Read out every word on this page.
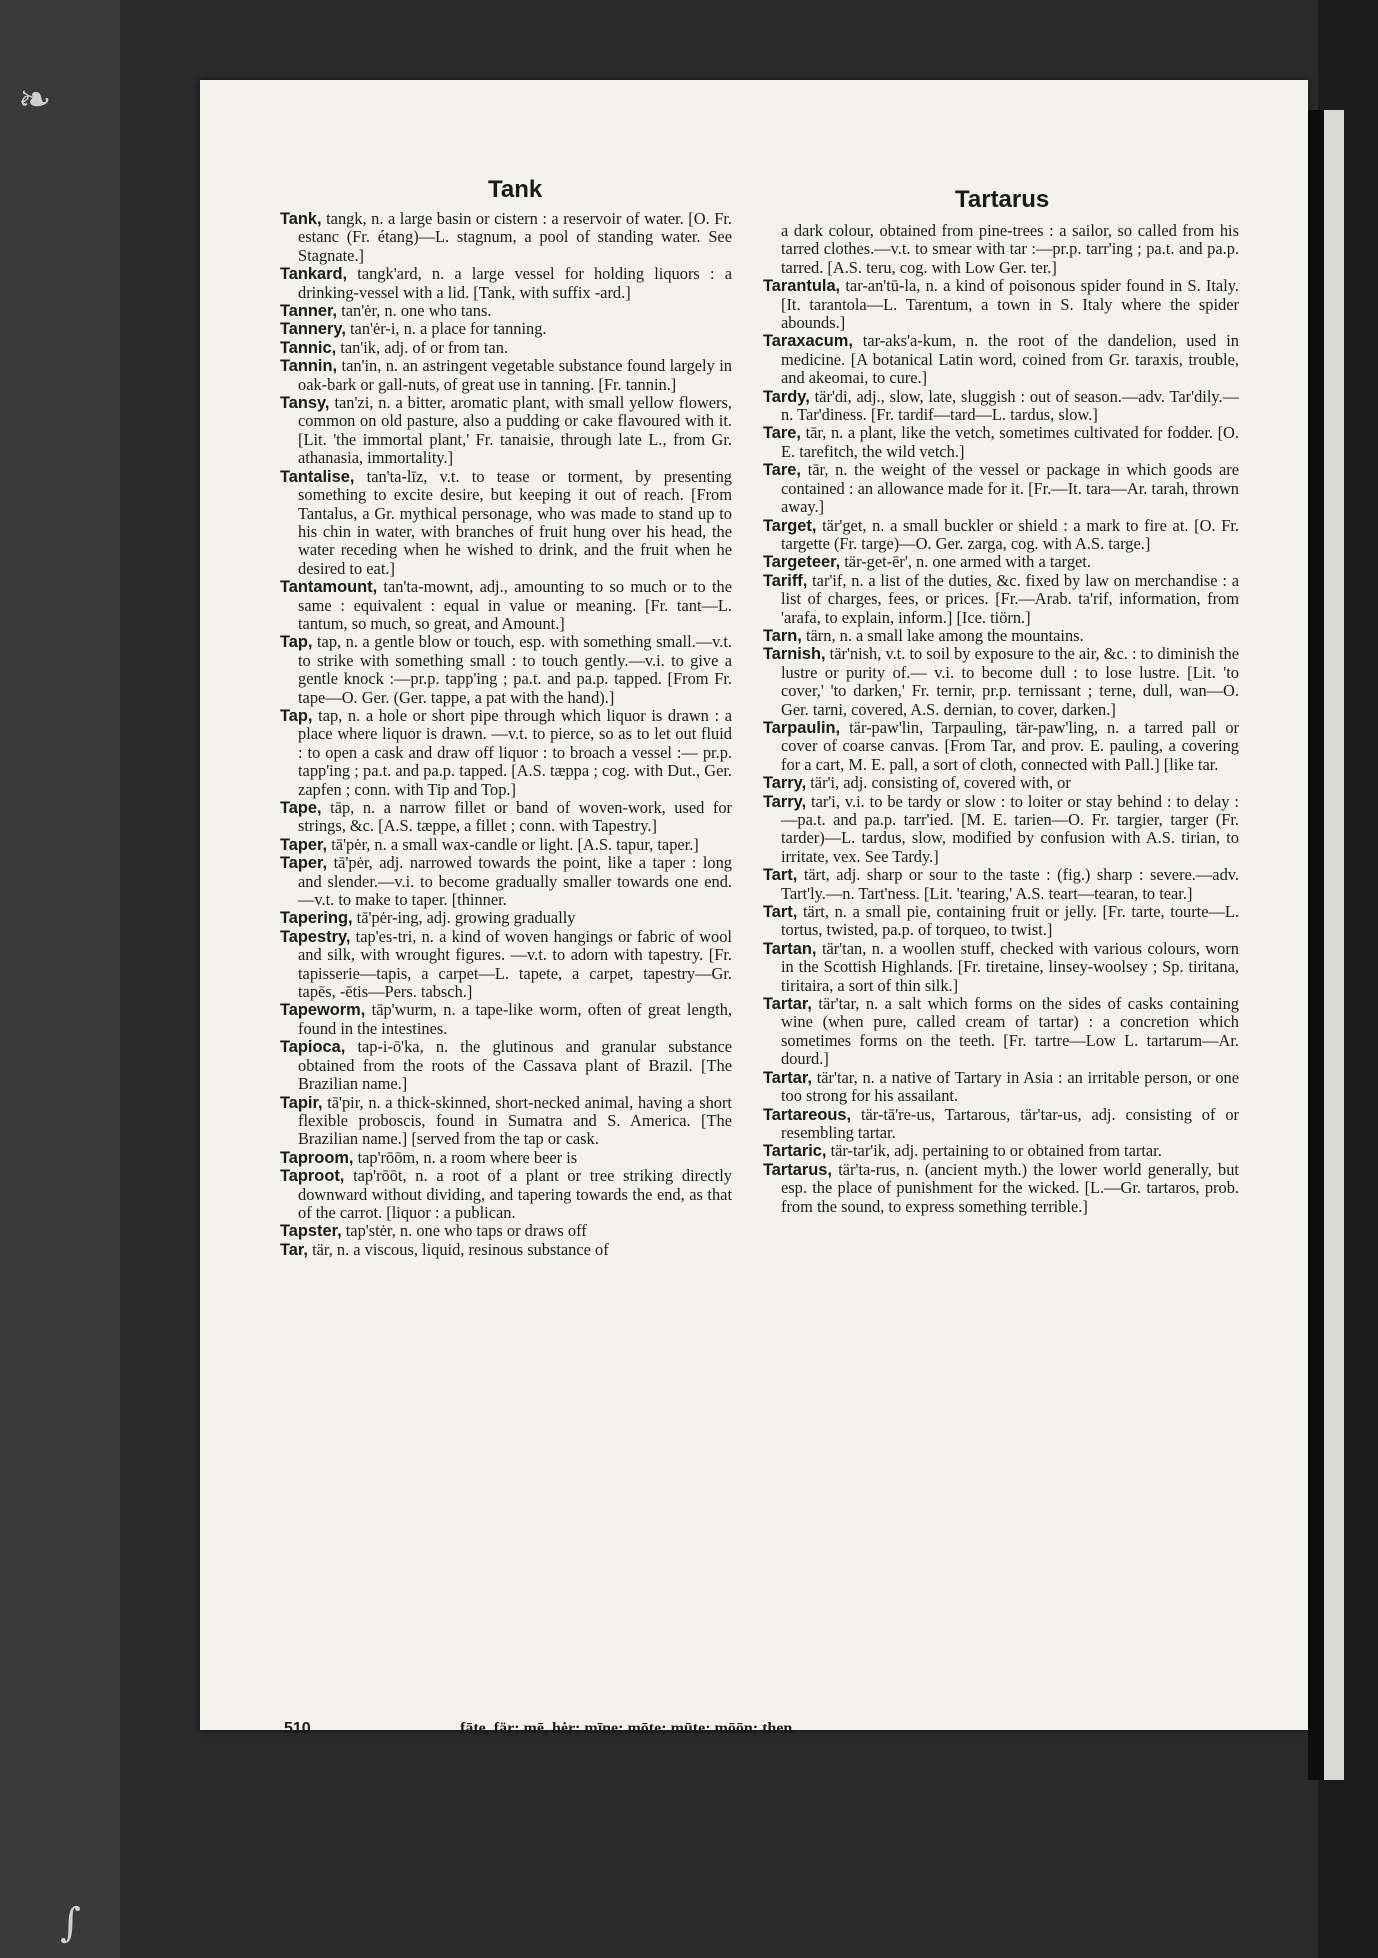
❧
∫
Tank	Tartarus

Tank, tangk, n. a large basin or cistern : a reservoir of water. [O. Fr. estanc (Fr. étang)—L. stagnum, a pool of standing water. See Stagnate.]

Tankard, tangk'ard, n. a large vessel for holding liquors : a drinking-vessel with a lid. [Tank, with suffix -ard.]

Tanner, tan'ėr, n. one who tans.

Tannery, tan'ėr-i, n. a place for tanning.

Tannic, tan'ik, adj. of or from tan.

Tannin, tan'in, n. an astringent vegetable substance found largely in oak-bark or gall-nuts, of great use in tanning. [Fr. tannin.]

Tansy, tan'zi, n. a bitter, aromatic plant, with small yellow flowers, common on old pasture, also a pudding or cake flavoured with it. [Lit. 'the immortal plant,' Fr. tanaisie, through late L., from Gr. athanasia, immortality.]

Tantalise, tan'ta-līz, v.t. to tease or torment, by presenting something to excite desire, but keeping it out of reach. [From Tantalus, a Gr. mythical personage, who was made to stand up to his chin in water, with branches of fruit hung over his head, the water receding when he wished to drink, and the fruit when he desired to eat.]

Tantamount, tan'ta-mownt, adj., amounting to so much or to the same : equivalent : equal in value or meaning. [Fr. tant—L. tantum, so much, so great, and Amount.]

Tap, tap, n. a gentle blow or touch, esp. with something small.—v.t. to strike with something small : to touch gently.—v.i. to give a gentle knock :—pr.p. tapp'ing ; pa.t. and pa.p. tapped. [From Fr. tape—O. Ger. (Ger. tappe, a pat with the hand).]

Tap, tap, n. a hole or short pipe through which liquor is drawn : a place where liquor is drawn. —v.t. to pierce, so as to let out fluid : to open a cask and draw off liquor : to broach a vessel :— pr.p. tapp'ing ; pa.t. and pa.p. tapped. [A.S. tæppa ; cog. with Dut., Ger. zapfen ; conn. with Tip and Top.]

Tape, tāp, n. a narrow fillet or band of woven-work, used for strings, &c. [A.S. tæppe, a fillet ; conn. with Tapestry.]

Taper, tā'pėr, n. a small wax-candle or light. [A.S. tapur, taper.]

Taper, tā'pėr, adj. narrowed towards the point, like a taper : long and slender.—v.i. to become gradually smaller towards one end.—v.t. to make to taper. [thinner.

Tapering, tā'pėr-ing, adj. growing gradually

Tapestry, tap'es-tri, n. a kind of woven hangings or fabric of wool and silk, with wrought figures. —v.t. to adorn with tapestry. [Fr. tapisserie—tapis, a carpet—L. tapete, a carpet, tapestry—Gr. tapēs, -ētis—Pers. tabsch.]

Tapeworm, tāp'wurm, n. a tape-like worm, often of great length, found in the intestines.

Tapioca, tap-i-ō'ka, n. the glutinous and granular substance obtained from the roots of the Cassava plant of Brazil. [The Brazilian name.]

Tapir, tā'pir, n. a thick-skinned, short-necked animal, having a short flexible proboscis, found in Sumatra and S. America. [The Brazilian name.] [served from the tap or cask.

Taproom, tap'rōōm, n. a room where beer is

Taproot, tap'rōōt, n. a root of a plant or tree striking directly downward without dividing, and tapering towards the end, as that of the carrot. [liquor : a publican.

Tapster, tap'stėr, n. one who taps or draws off

Tar, tär, n. a viscous, liquid, resinous substance of

a dark colour, obtained from pine-trees : a sailor, so called from his tarred clothes.—v.t. to smear with tar :—pr.p. tarr'ing ; pa.t. and pa.p. tarred. [A.S. teru, cog. with Low Ger. ter.]

Tarantula, tar-an'tū-la, n. a kind of poisonous spider found in S. Italy. [It. tarantola—L. Tarentum, a town in S. Italy where the spider abounds.]

Taraxacum, tar-aks'a-kum, n. the root of the dandelion, used in medicine. [A botanical Latin word, coined from Gr. taraxis, trouble, and akeomai, to cure.]

Tardy, tär'di, adj., slow, late, sluggish : out of season.—adv. Tar'dily.—n. Tar'diness. [Fr. tardif—tard—L. tardus, slow.]

Tare, tār, n. a plant, like the vetch, sometimes cultivated for fodder. [O. E. tarefitch, the wild vetch.]

Tare, tār, n. the weight of the vessel or package in which goods are contained : an allowance made for it. [Fr.—It. tara—Ar. tarah, thrown away.]

Target, tär'get, n. a small buckler or shield : a mark to fire at. [O. Fr. targette (Fr. targe)—O. Ger. zarga, cog. with A.S. targe.]

Targeteer, tär-get-ēr', n. one armed with a target.

Tariff, tar'if, n. a list of the duties, &c. fixed by law on merchandise : a list of charges, fees, or prices. [Fr.—Arab. ta'rif, information, from 'arafa, to explain, inform.] [Ice. tiörn.]

Tarn, tärn, n. a small lake among the mountains.

Tarnish, tär'nish, v.t. to soil by exposure to the air, &c. : to diminish the lustre or purity of.— v.i. to become dull : to lose lustre. [Lit. 'to cover,' 'to darken,' Fr. ternir, pr.p. ternissant ; terne, dull, wan—O. Ger. tarni, covered, A.S. dernian, to cover, darken.]

Tarpaulin, tär-paw'lin, Tarpauling, tär-paw'ling, n. a tarred pall or cover of coarse canvas. [From Tar, and prov. E. pauling, a covering for a cart, M. E. pall, a sort of cloth, connected with Pall.] [like tar.

Tarry, tär'i, adj. consisting of, covered with, or

Tarry, tar'i, v.i. to be tardy or slow : to loiter or stay behind : to delay :—pa.t. and pa.p. tarr'ied. [M. E. tarien—O. Fr. targier, targer (Fr. tarder)—L. tardus, slow, modified by confusion with A.S. tirian, to irritate, vex. See Tardy.]

Tart, tärt, adj. sharp or sour to the taste : (fig.) sharp : severe.—adv. Tart'ly.—n. Tart'ness. [Lit. 'tearing,' A.S. teart—tearan, to tear.]

Tart, tärt, n. a small pie, containing fruit or jelly. [Fr. tarte, tourte—L. tortus, twisted, pa.p. of torqueo, to twist.]

Tartan, tär'tan, n. a woollen stuff, checked with various colours, worn in the Scottish Highlands. [Fr. tiretaine, linsey-woolsey ; Sp. tiritana, tiritaira, a sort of thin silk.]

Tartar, tär'tar, n. a salt which forms on the sides of casks containing wine (when pure, called cream of tartar) : a concretion which sometimes forms on the teeth. [Fr. tartre—Low L. tartarum—Ar. dourd.]

Tartar, tär'tar, n. a native of Tartary in Asia : an irritable person, or one too strong for his assailant.

Tartareous, tär-tā're-us, Tartarous, tär'tar-us, adj. consisting of or resembling tartar.

Tartaric, tär-tar'ik, adj. pertaining to or obtained from tartar.

Tartarus, tär'ta-rus, n. (ancient myth.) the lower world generally, but esp. the place of punishment for the wicked. [L.—Gr. tartaros, prob. from the sound, to express something terrible.]

510	fāte, fär; mē, hėr; mīne; mōte; mūte; mōōn; then.
